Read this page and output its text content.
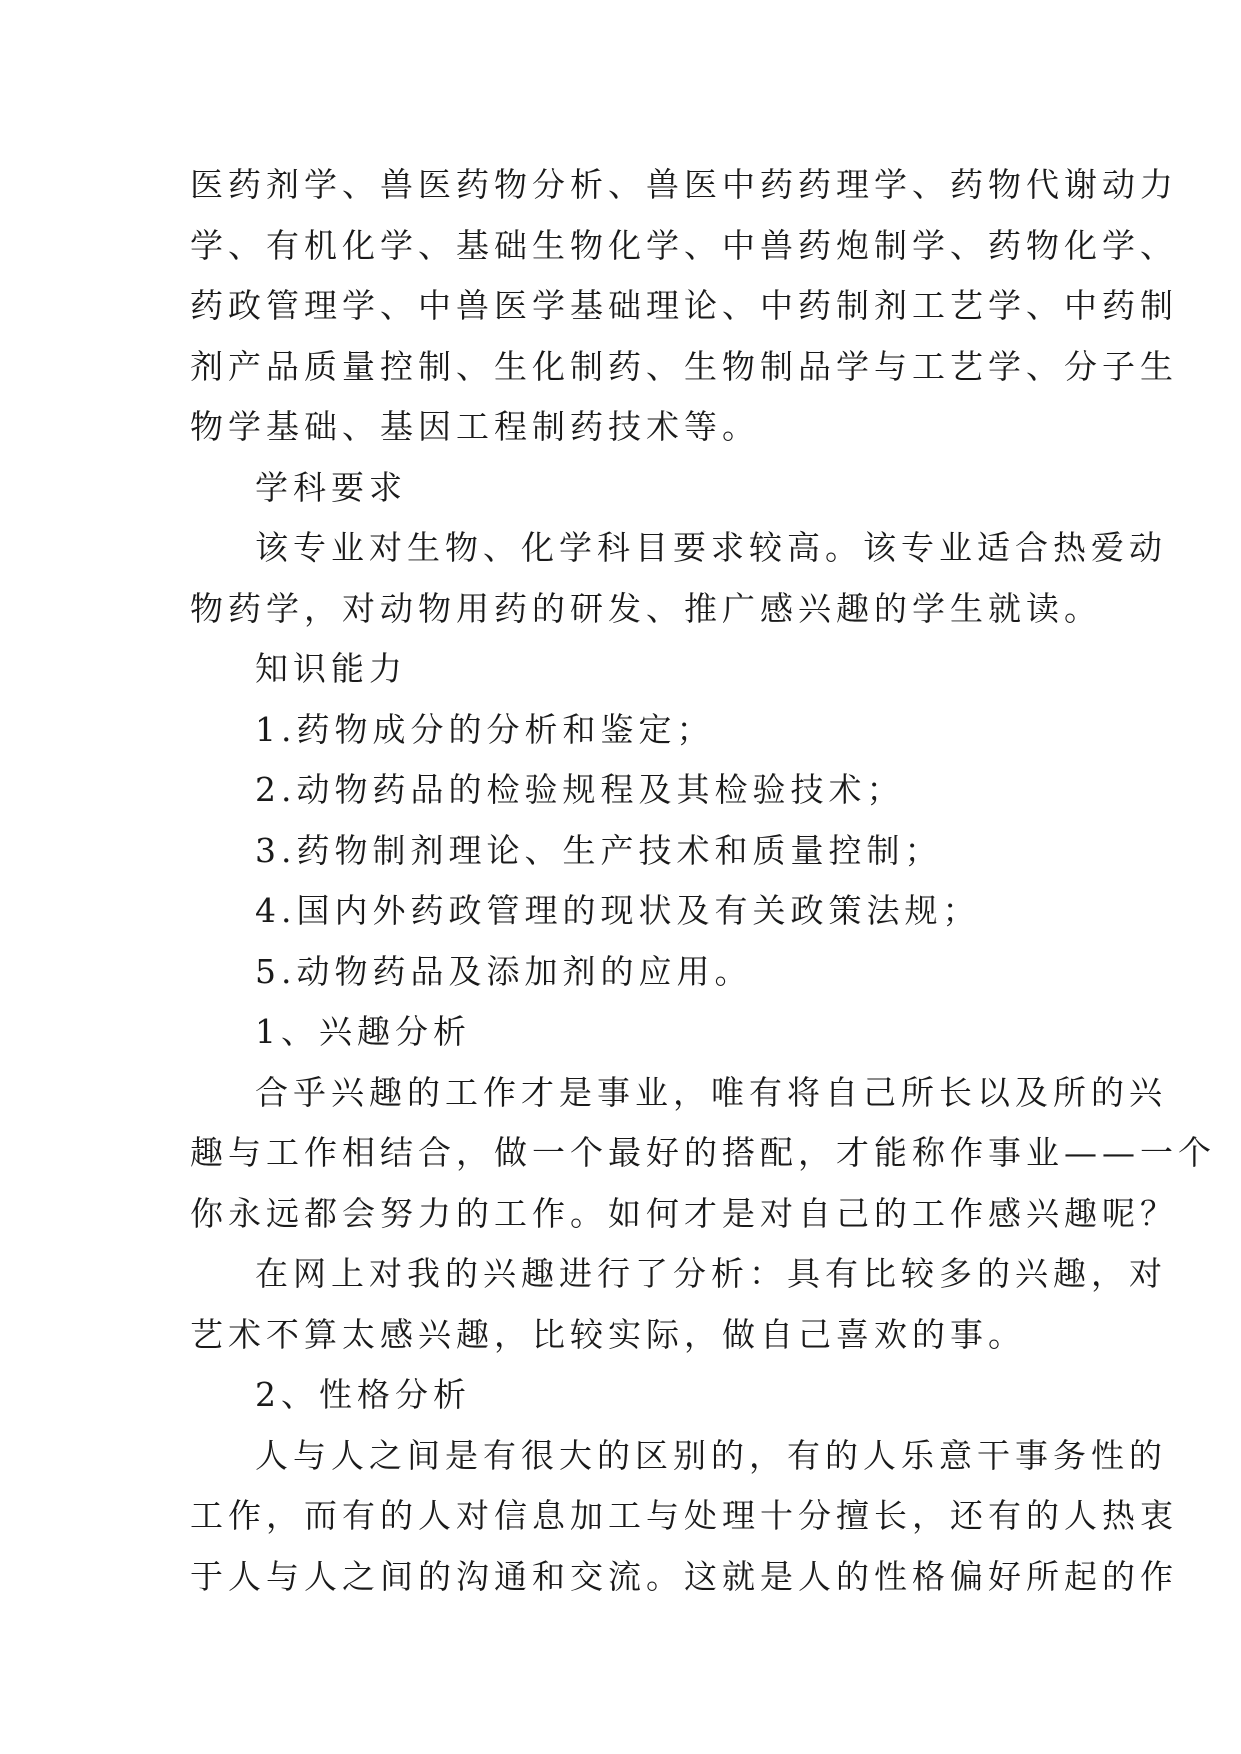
医药剂学、兽医药物分析、兽医中药药理学、药物代谢动力
学、有机化学、基础生物化学、中兽药炮制学、药物化学、
药政管理学、中兽医学基础理论、中药制剂工艺学、中药制
剂产品质量控制、生化制药、生物制品学与工艺学、分子生
物学基础、基因工程制药技术等。
学科要求
该专业对生物、化学科目要求较高。该专业适合热爱动
物药学，对动物用药的研发、推广感兴趣的学生就读。
知识能力
1.药物成分的分析和鉴定；
2.动物药品的检验规程及其检验技术；
3.药物制剂理论、生产技术和质量控制；
4.国内外药政管理的现状及有关政策法规；
5.动物药品及添加剂的应用。
1、兴趣分析
合乎兴趣的工作才是事业，唯有将自己所长以及所的兴
趣与工作相结合，做一个最好的搭配，才能称作事业——一个
你永远都会努力的工作。如何才是对自己的工作感兴趣呢？
在网上对我的兴趣进行了分析：具有比较多的兴趣，对
艺术不算太感兴趣，比较实际，做自己喜欢的事。
2、性格分析
人与人之间是有很大的区别的，有的人乐意干事务性的
工作，而有的人对信息加工与处理十分擅长，还有的人热衷
于人与人之间的沟通和交流。这就是人的性格偏好所起的作
